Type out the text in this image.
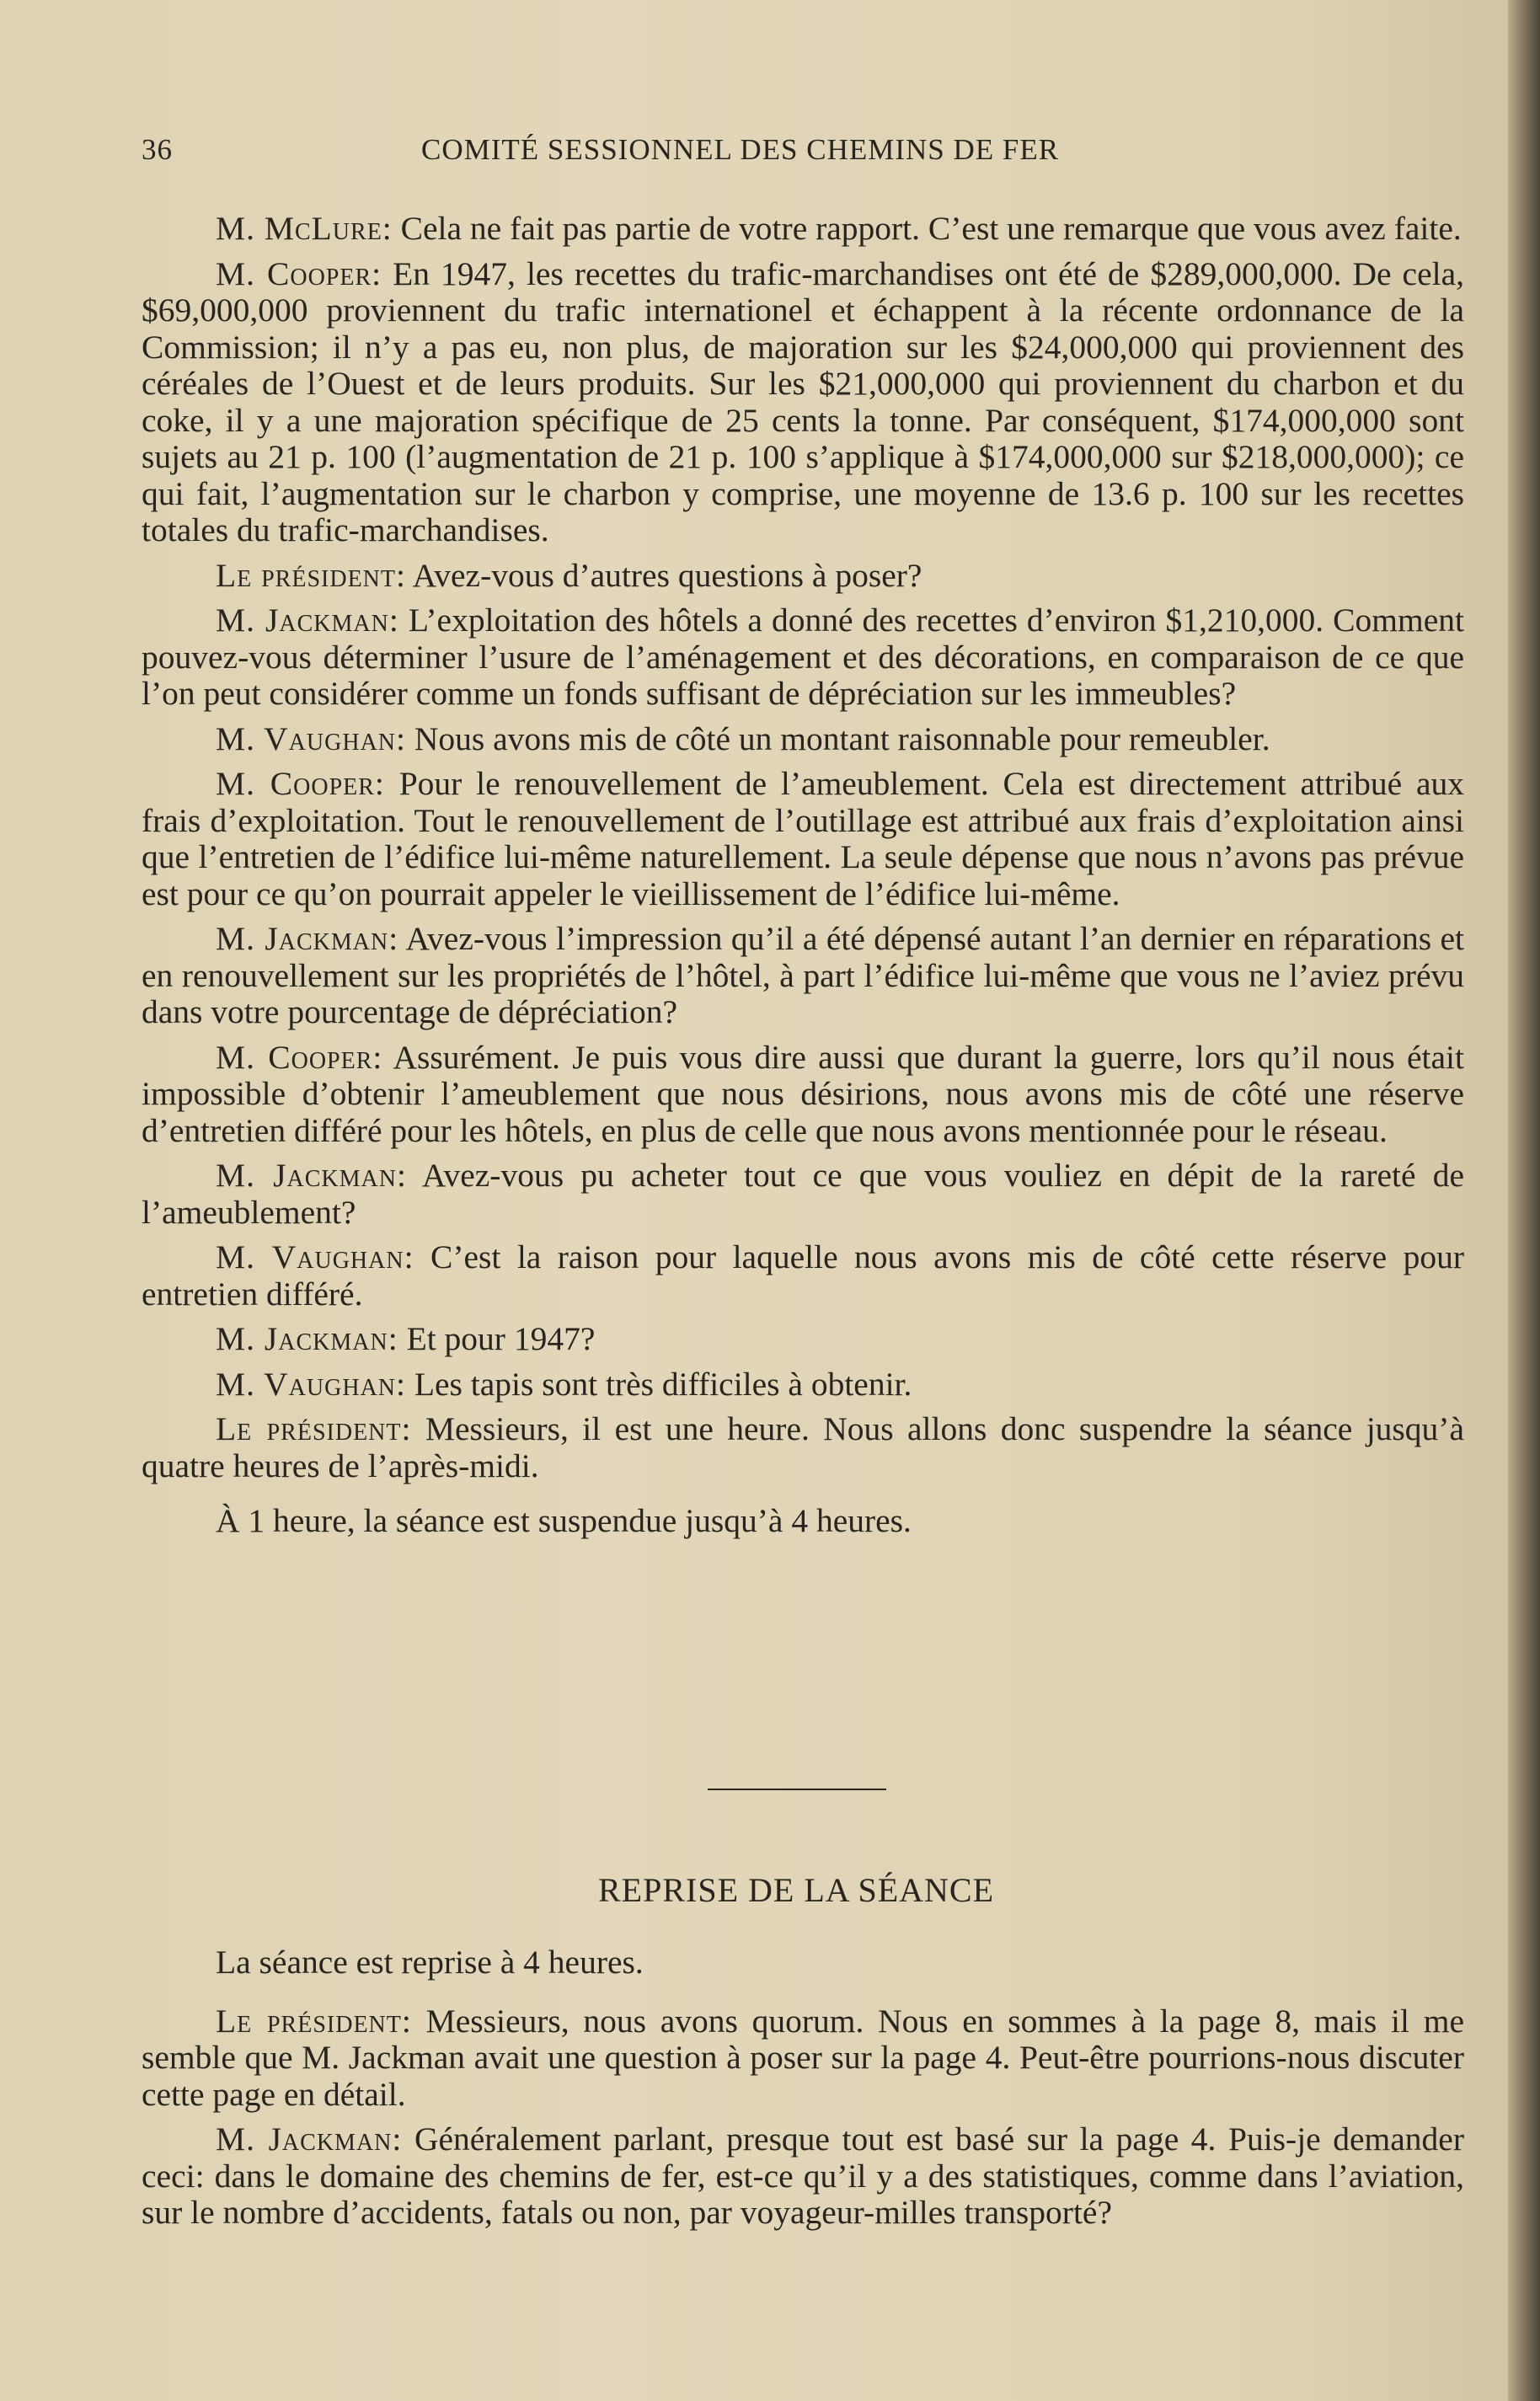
36	COMITÉ SESSIONNEL DES CHEMINS DE FER

M. McLure: Cela ne fait pas partie de votre rapport. C’est une remarque que vous avez faite.

M. Cooper: En 1947, les recettes du trafic-marchandises ont été de $289,000,000. De cela, $69,000,000 proviennent du trafic internationel et échappent à la récente ordonnance de la Commission; il n’y a pas eu, non plus, de majoration sur les $24,000,000 qui proviennent des céréales de l’Ouest et de leurs produits. Sur les $21,000,000 qui proviennent du charbon et du coke, il y a une majoration spécifique de 25 cents la tonne. Par conséquent, $174,000,000 sont sujets au 21 p. 100 (l’augmentation de 21 p. 100 s’applique à $174,000,000 sur $218,000,000); ce qui fait, l’augmentation sur le charbon y comprise, une moyenne de 13.6 p. 100 sur les recettes totales du trafic-marchandises.

Le président: Avez-vous d’autres questions à poser?

M. Jackman: L’exploitation des hôtels a donné des recettes d’environ $1,210,000. Comment pouvez-vous déterminer l’usure de l’aménagement et des décorations, en comparaison de ce que l’on peut considérer comme un fonds suffisant de dépréciation sur les immeubles?

M. Vaughan: Nous avons mis de côté un montant raisonnable pour remeubler.

M. Cooper: Pour le renouvellement de l’ameublement. Cela est directement attribué aux frais d’exploitation. Tout le renouvellement de l’outillage est attribué aux frais d’exploitation ainsi que l’entretien de l’édifice lui-même naturellement. La seule dépense que nous n’avons pas prévue est pour ce qu’on pourrait appeler le vieillissement de l’édifice lui-même.

M. Jackman: Avez-vous l’impression qu’il a été dépensé autant l’an dernier en réparations et en renouvellement sur les propriétés de l’hôtel, à part l’édifice lui-même que vous ne l’aviez prévu dans votre pourcentage de dépréciation?

M. Cooper: Assurément. Je puis vous dire aussi que durant la guerre, lors qu’il nous était impossible d’obtenir l’ameublement que nous désirions, nous avons mis de côté une réserve d’entretien différé pour les hôtels, en plus de celle que nous avons mentionnée pour le réseau.

M. Jackman: Avez-vous pu acheter tout ce que vous vouliez en dépit de la rareté de l’ameublement?

M. Vaughan: C’est la raison pour laquelle nous avons mis de côté cette réserve pour entretien différé.

M. Jackman: Et pour 1947?

M. Vaughan: Les tapis sont très difficiles à obtenir.

Le président: Messieurs, il est une heure. Nous allons donc suspendre la séance jusqu’à quatre heures de l’après-midi.

À 1 heure, la séance est suspendue jusqu’à 4 heures.

REPRISE DE LA SÉANCE

La séance est reprise à 4 heures.

Le président: Messieurs, nous avons quorum. Nous en sommes à la page 8, mais il me semble que M. Jackman avait une question à poser sur la page 4. Peut-être pourrions-nous discuter cette page en détail.

M. Jackman: Généralement parlant, presque tout est basé sur la page 4. Puis-je demander ceci: dans le domaine des chemins de fer, est-ce qu’il y a des statistiques, comme dans l’aviation, sur le nombre d’accidents, fatals ou non, par voyageur-milles transporté?
